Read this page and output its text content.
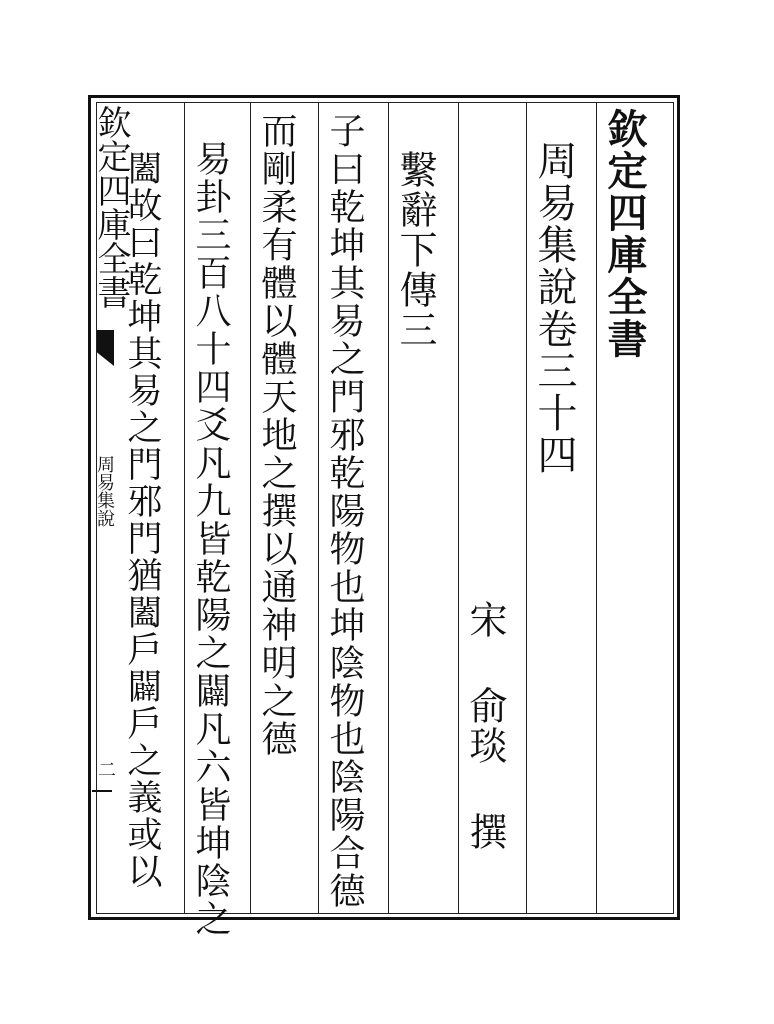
欽定四庫全書
周易集說
二
欽定四庫全書
周易集說卷三十四
宋 俞琰 撰
繫辭下傳三
子曰乾坤其易之門邪乾陽物也坤陰物也陰陽合德
而剛柔有體以體天地之撰以通神明之德
易卦三百八十四爻凡九皆乾陽之闢凡六皆坤陰之
闔故曰乾坤其易之門邪門猶闔戶闢戶之義或以
